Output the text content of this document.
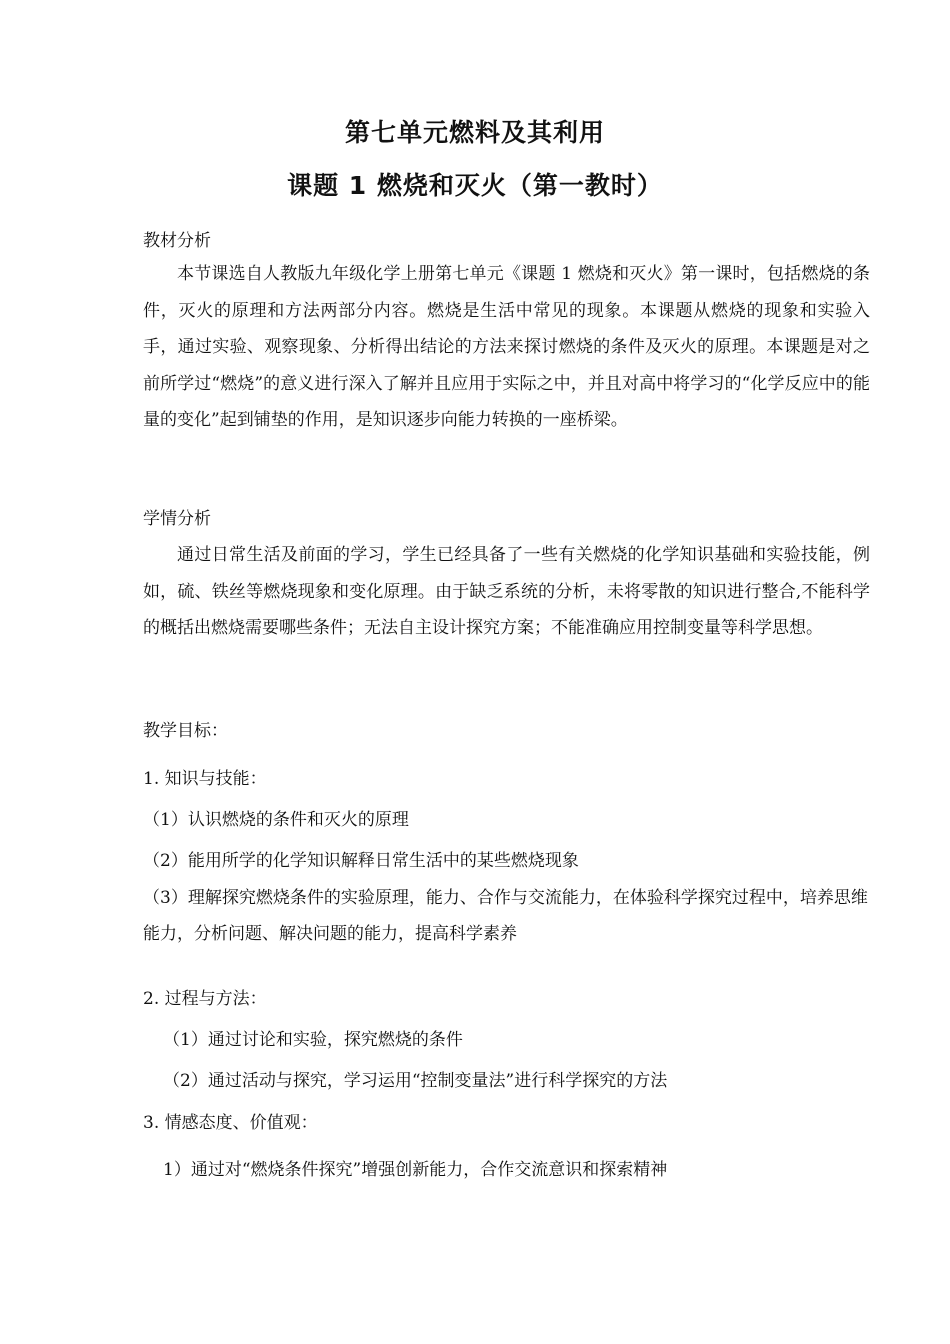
第七单元燃料及其利用
课题 1 燃烧和灭火（第一教时）
教材分析

本节课选自人教版九年级化学上册第七单元《课题 1 燃烧和灭火》第一课时，包括燃烧的条件，灭火的原理和方法两部分内容。燃烧是生活中常见的现象。本课题从燃烧的现象和实验入手，通过实验、观察现象、分析得出结论的方法来探讨燃烧的条件及灭火的原理。本课题是对之前所学过“燃烧”的意义进行深入了解并且应用于实际之中，并且对高中将学习的“化学反应中的能量的变化”起到铺垫的作用，是知识逐步向能力转换的一座桥梁。

学情分析

通过日常生活及前面的学习，学生已经具备了一些有关燃烧的化学知识基础和实验技能，例如，硫、铁丝等燃烧现象和变化原理。由于缺乏系统的分析，未将零散的知识进行整合,不能科学的概括出燃烧需要哪些条件；无法自主设计探究方案；不能准确应用控制变量等科学思想。

教学目标：
1. 知识与技能：
（1）认识燃烧的条件和灭火的原理
（2）能用所学的化学知识解释日常生活中的某些燃烧现象

（3）理解探究燃烧条件的实验原理，能力、合作与交流能力，在体验科学探究过程中，培养思维能力，分析问题、解决问题的能力，提高科学素养

2. 过程与方法：
（1）通过讨论和实验，探究燃烧的条件
（2）通过活动与探究，学习运用“控制变量法”进行科学探究的方法
3. 情感态度、价值观：
1）通过对“燃烧条件探究”增强创新能力，合作交流意识和探索精神
